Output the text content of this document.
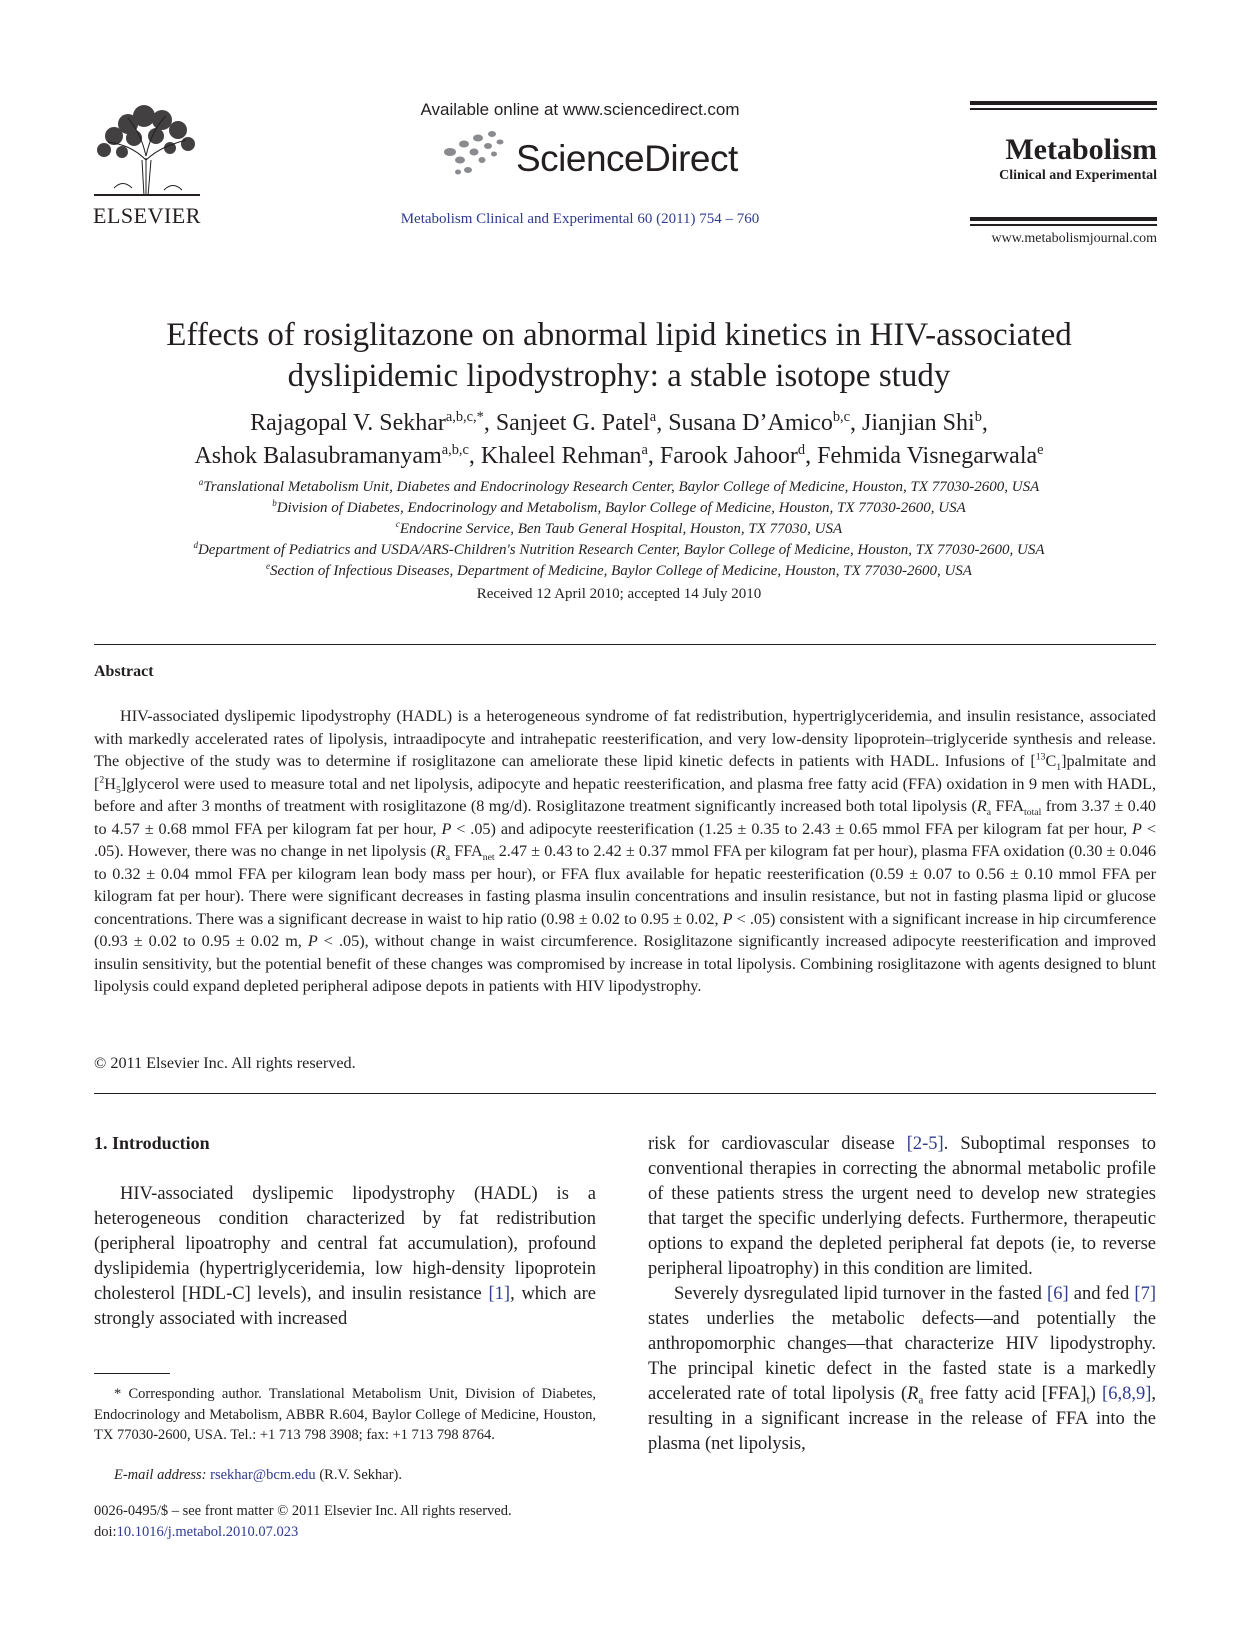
ELSEVIER
Available online at www.sciencedirect.com
ScienceDirect
Metabolism Clinical and Experimental 60 (2011) 754 – 760
Metabolism
Clinical and Experimental
www.metabolismjournal.com
Effects of rosiglitazone on abnormal lipid kinetics in HIV-associated
dyslipidemic lipodystrophy: a stable isotope study
Rajagopal V. Sekhar$^{a,b,c,*}$, Sanjeet G. Patel$^a$, Susana D’Amico$^{b,c}$, Jianjian Shi$^b$,
Ashok Balasubramanyam$^{a,b,c}$, Khaleel Rehman$^a$, Farook Jahoor$^d$, Fehmida Visnegarwala$^e$
$^a$Translational Metabolism Unit, Diabetes and Endocrinology Research Center, Baylor College of Medicine, Houston, TX 77030-2600, USA
$^b$Division of Diabetes, Endocrinology and Metabolism, Baylor College of Medicine, Houston, TX 77030-2600, USA
$^c$Endocrine Service, Ben Taub General Hospital, Houston, TX 77030, USA
$^d$Department of Pediatrics and USDA/ARS-Children's Nutrition Research Center, Baylor College of Medicine, Houston, TX 77030-2600, USA
$^e$Section of Infectious Diseases, Department of Medicine, Baylor College of Medicine, Houston, TX 77030-2600, USA
Received 12 April 2010; accepted 14 July 2010
Abstract
HIV-associated dyslipemic lipodystrophy (HADL) is a heterogeneous syndrome of fat redistribution, hypertriglyceridemia, and insulin resistance, associated with markedly accelerated rates of lipolysis, intraadipocyte and intrahepatic reesterification, and very low-density lipoprotein–triglyceride synthesis and release. The objective of the study was to determine if rosiglitazone can ameliorate these lipid kinetic defects in patients with HADL. Infusions of $[^{13}C_1]palmitate$ and $[^2H_5]glycerol$ were used to measure total and net lipolysis, adipocyte and hepatic reesterification, and plasma free fatty acid (FFA) oxidation in 9 men with HADL, before and after 3 months of treatment with rosiglitazone (8 mg/d). Rosiglitazone treatment significantly increased both total lipolysis ($R_a$ $FFA_{total}$ from 3.37 ± 0.40 to 4.57 ± 0.68 mmol FFA per kilogram fat per hour, P < .05) and adipocyte reesterification (1.25 ± 0.35 to 2.43 ± 0.65 mmol FFA per kilogram fat per hour, P < .05). However, there was no change in net lipolysis ($R_a$ $FFA_{net}$ 2.47 ± 0.43 to 2.42 ± 0.37 mmol FFA per kilogram fat per hour), plasma FFA oxidation (0.30 ± 0.046 to 0.32 ± 0.04 mmol FFA per kilogram lean body mass per hour), or FFA flux available for hepatic reesterification (0.59 ± 0.07 to 0.56 ± 0.10 mmol FFA per kilogram fat per hour). There were significant decreases in fasting plasma insulin concentrations and insulin resistance, but not in fasting plasma lipid or glucose concentrations. There was a significant decrease in waist to hip ratio (0.98 ± 0.02 to 0.95 ± 0.02, P < .05) consistent with a significant increase in hip circumference (0.93 ± 0.02 to 0.95 ± 0.02 m, P < .05), without change in waist circumference. Rosiglitazone significantly increased adipocyte reesterification and improved insulin sensitivity, but the potential benefit of these changes was compromised by increase in total lipolysis. Combining rosiglitazone with agents designed to blunt lipolysis could expand depleted peripheral adipose depots in patients with HIV lipodystrophy.
© 2011 Elsevier Inc. All rights reserved.
1. Introduction
HIV-associated dyslipemic lipodystrophy (HADL) is a heterogeneous condition characterized by fat redistribution (peripheral lipoatrophy and central fat accumulation), profound dyslipidemia (hypertriglyceridemia, low high-density lipoprotein cholesterol [HDL-C] levels), and insulin resistance [1], which are strongly associated with increased

risk for cardiovascular disease [2-5]. Suboptimal responses to conventional therapies in correcting the abnormal metabolic profile of these patients stress the urgent need to develop new strategies that target the specific underlying defects. Furthermore, therapeutic options to expand the depleted peripheral fat depots (ie, to reverse peripheral lipoatrophy) in this condition are limited.

Severely dysregulated lipid turnover in the fasted [6] and fed [7] states underlies the metabolic defects—and potentially the anthropomorphic changes—that characterize HIV lipodystrophy. The principal kinetic defect in the fasted state is a markedly accelerated rate of total lipolysis ($R_a$ free fatty acid $[FFA]_t$) [6,8,9], resulting in a significant increase in the release of FFA into the plasma (net lipolysis,

* Corresponding author. Translational Metabolism Unit, Division of Diabetes, Endocrinology and Metabolism, ABBR R.604, Baylor College of Medicine, Houston, TX 77030-2600, USA. Tel.: +1 713 798 3908; fax: +1 713 798 8764.
E-mail address: rsekhar@bcm.edu (R.V. Sekhar).
0026-0495/$ – see front matter © 2011 Elsevier Inc. All rights reserved.
doi:10.1016/j.metabol.2010.07.023
